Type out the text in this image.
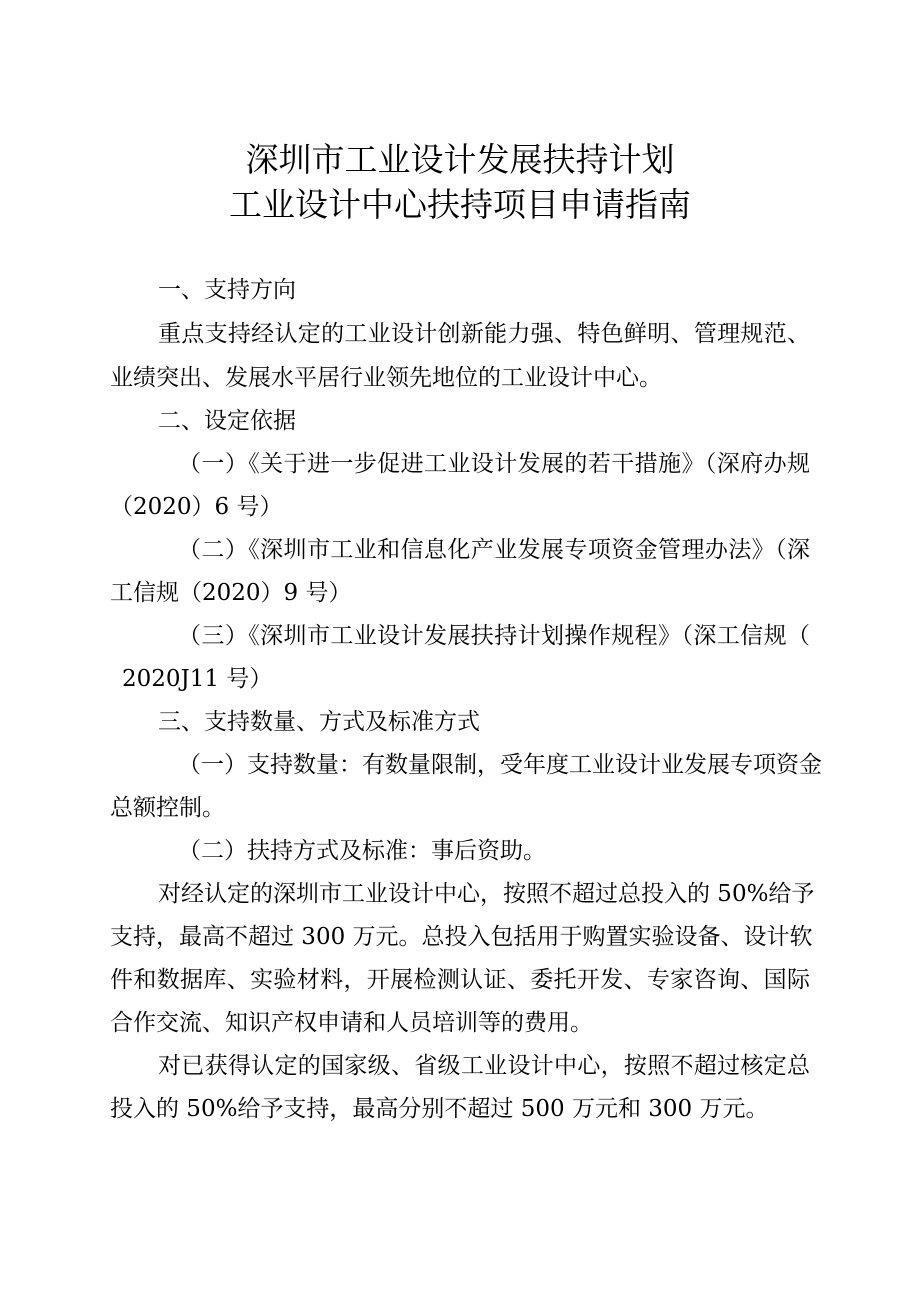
深圳市工业设计发展扶持计划
工业设计中心扶持项目申请指南
一、支持方向
重点支持经认定的工业设计创新能力强、特色鲜明、管理规范、
业绩突出、发展水平居行业领先地位的工业设计中心。
二、设定依据
（一）《关于进一步促进工业设计发展的若干措施》（深府办规
（2020）6 号）
（二）《深圳市工业和信息化产业发展专项资金管理办法》（深
工信规（2020）9 号）
（三）《深圳市工业设计发展扶持计划操作规程》（深工信规（
2020J11 号）
三、支持数量、方式及标准方式
（一）支持数量：有数量限制，受年度工业设计业发展专项资金
总额控制。
（二）扶持方式及标准：事后资助。
对经认定的深圳市工业设计中心，按照不超过总投入的 50%给予
支持，最高不超过 300 万元。总投入包括用于购置实验设备、设计软
件和数据库、实验材料，开展检测认证、委托开发、专家咨询、国际
合作交流、知识产权申请和人员培训等的费用。
对已获得认定的国家级、省级工业设计中心，按照不超过核定总
投入的 50%给予支持，最高分别不超过 500 万元和 300 万元。
